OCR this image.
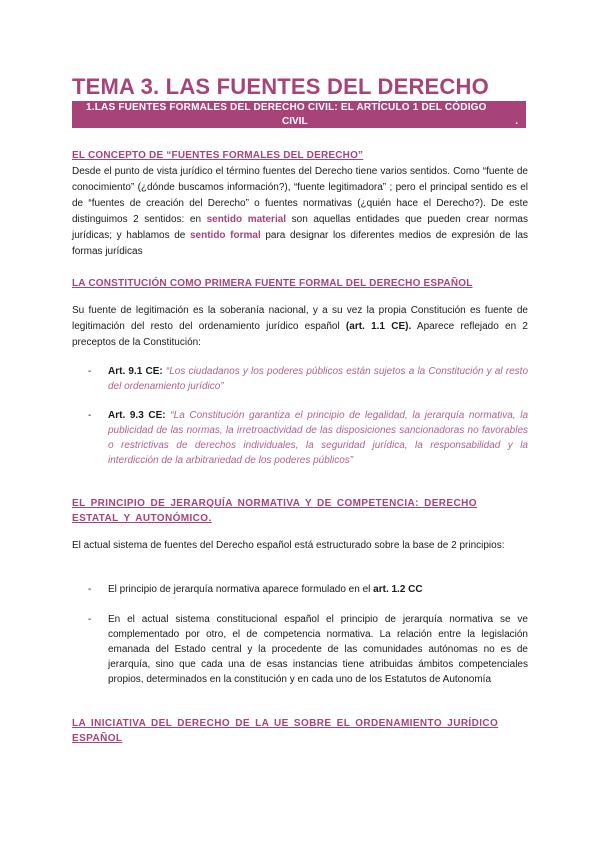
TEMA 3. LAS FUENTES DEL DERECHO
1.LAS FUENTES FORMALES DEL DERECHO CIVIL: EL ARTÍCULO 1 DEL CÓDIGO
CIVIL	.
EL CONCEPTO DE “FUENTES FORMALES DEL DERECHO”

Desde el punto de vista jurídico el término fuentes del Derecho tiene varios sentidos. Como “fuente de conocimiento” (¿dónde buscamos información?), “fuente legitimadora” ; pero el principal sentido es el de “fuentes de creación del Derecho” o fuentes normativas (¿quién hace el Derecho?). De este distinguimos 2 sentidos: en sentido material son aquellas entidades que pueden crear normas jurídicas; y hablamos de sentido formal para designar los diferentes medios de expresión de las formas jurídicas

LA CONSTITUCIÓN COMO PRIMERA FUENTE FORMAL DEL DERECHO ESPAÑOL

Su fuente de legitimación es la soberanía nacional, y a su vez la propia Constitución es fuente de legitimación del resto del ordenamiento jurídico español (art. 1.1 CE). Aparece reflejado en 2 preceptos de la Constitución:

- Art. 9.1 CE: “Los ciudadanos y los poderes públicos están sujetos a la Constitución y al resto del ordenamiento jurídico”

- Art. 9.3 CE: “La Constitución garantiza el principio de legalidad, la jerarquía normativa, la publicidad de las normas, la irretroactividad de las disposiciones sancionadoras no favorables o restrictivas de derechos individuales, la seguridad jurídica, la responsabilidad y la interdicción de la arbitrariedad de los poderes públicos”

EL PRINCIPIO DE JERARQUÍA NORMATIVA Y DE COMPETENCIA: DERECHO ESTATAL Y AUTONÓMICO.

El actual sistema de fuentes del Derecho español está estructurado sobre la base de 2 principios:

- El principio de jerarquía normativa aparece formulado en el art. 1.2 CC

- En el actual sistema constitucional español el principio de jerarquía normativa se ve complementado por otro, el de competencia normativa. La relación entre la legislación emanada del Estado central y la procedente de las comunidades autónomas no es de jerarquía, sino que cada una de esas instancias tiene atribuidas ámbitos competenciales propios, determinados en la constitución y en cada uno de los Estatutos de Autonomía

LA INICIATIVA DEL DERECHO DE LA UE SOBRE EL ORDENAMIENTO JURÍDICO ESPAÑOL
